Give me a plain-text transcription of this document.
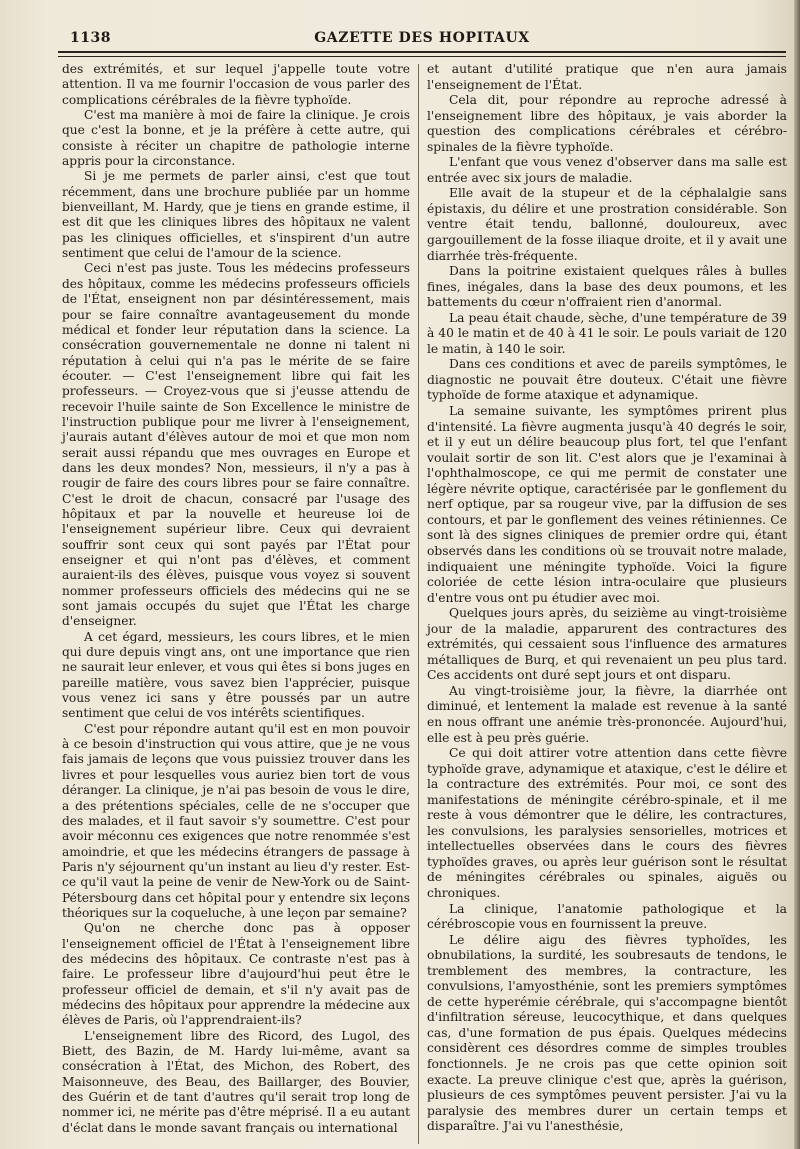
1138	GAZETTE DES HOPITAUX

des extrémités, et sur lequel j'appelle toute votre attention. Il va me fournir l'occasion de vous parler des complications cérébrales de la fièvre typhoïde.

C'est ma manière à moi de faire la clinique. Je crois que c'est la bonne, et je la préfère à cette autre, qui consiste à réciter un chapitre de pathologie interne appris pour la circonstance.

Si je me permets de parler ainsi, c'est que tout récemment, dans une brochure publiée par un homme bienveillant, M. Hardy, que je tiens en grande estime, il est dit que les cliniques libres des hôpitaux ne valent pas les cliniques officielles, et s'inspirent d'un autre sentiment que celui de l'amour de la science.

Ceci n'est pas juste. Tous les médecins professeurs des hôpitaux, comme les médecins professeurs officiels de l'État, enseignent non par désintéressement, mais pour se faire connaître avantageusement du monde médical et fonder leur réputation dans la science. La consécration gouvernementale ne donne ni talent ni réputation à celui qui n'a pas le mérite de se faire écouter. — C'est l'enseignement libre qui fait les professeurs. — Croyez-vous que si j'eusse attendu de recevoir l'huile sainte de Son Excellence le ministre de l'instruction publique pour me livrer à l'enseignement, j'aurais autant d'élèves autour de moi et que mon nom serait aussi répandu que mes ouvrages en Europe et dans les deux mondes? Non, messieurs, il n'y a pas à rougir de faire des cours libres pour se faire connaître. C'est le droit de chacun, consacré par l'usage des hôpitaux et par la nouvelle et heureuse loi de l'enseignement supérieur libre. Ceux qui devraient souffrir sont ceux qui sont payés par l'État pour enseigner et qui n'ont pas d'élèves, et comment auraient-ils des élèves, puisque vous voyez si souvent nommer professeurs officiels des médecins qui ne se sont jamais occupés du sujet que l'État les charge d'enseigner.

A cet égard, messieurs, les cours libres, et le mien qui dure depuis vingt ans, ont une importance que rien ne saurait leur enlever, et vous qui êtes si bons juges en pareille matière, vous savez bien l'apprécier, puisque vous venez ici sans y être poussés par un autre sentiment que celui de vos intérêts scientifiques.

C'est pour répondre autant qu'il est en mon pouvoir à ce besoin d'instruction qui vous attire, que je ne vous fais jamais de leçons que vous puissiez trouver dans les livres et pour lesquelles vous auriez bien tort de vous déranger. La clinique, je n'ai pas besoin de vous le dire, a des prétentions spéciales, celle de ne s'occuper que des malades, et il faut savoir s'y soumettre. C'est pour avoir méconnu ces exigences que notre renommée s'est amoindrie, et que les médecins étrangers de passage à Paris n'y séjournent qu'un instant au lieu d'y rester. Est-ce qu'il vaut la peine de venir de New-York ou de Saint-Pétersbourg dans cet hôpital pour y entendre six leçons théoriques sur la coqueluche, à une leçon par semaine?

Qu'on ne cherche donc pas à opposer l'enseignement officiel de l'État à l'enseignement libre des médecins des hôpitaux. Ce contraste n'est pas à faire. Le professeur libre d'aujourd'hui peut être le professeur officiel de demain, et s'il n'y avait pas de médecins des hôpitaux pour apprendre la médecine aux élèves de Paris, où l'apprendraient-ils?

L'enseignement libre des Ricord, des Lugol, des Biett, des Bazin, de M. Hardy lui-même, avant sa consécration à l'État, des Michon, des Robert, des Maisonneuve, des Beau, des Baillarger, des Bouvier, des Guérin et de tant d'autres qu'il serait trop long de nommer ici, ne mérite pas d'être méprisé. Il a eu autant d'éclat dans le monde savant français ou international

et autant d'utilité pratique que n'en aura jamais l'enseignement de l'État.

Cela dit, pour répondre au reproche adressé à l'enseignement libre des hôpitaux, je vais aborder la question des complications cérébrales et cérébro-spinales de la fièvre typhoïde.

L'enfant que vous venez d'observer dans ma salle est entrée avec six jours de maladie.

Elle avait de la stupeur et de la céphalalgie sans épistaxis, du délire et une prostration considérable. Son ventre était tendu, ballonné, douloureux, avec gargouillement de la fosse iliaque droite, et il y avait une diarrhée très-fréquente.

Dans la poitrine existaient quelques râles à bulles fines, inégales, dans la base des deux poumons, et les battements du cœur n'offraient rien d'anormal.

La peau était chaude, sèche, d'une température de 39 à 40 le matin et de 40 à 41 le soir. Le pouls variait de 120 le matin, à 140 le soir.

Dans ces conditions et avec de pareils symptômes, le diagnostic ne pouvait être douteux. C'était une fièvre typhoïde de forme ataxique et adynamique.

La semaine suivante, les symptômes prirent plus d'intensité. La fièvre augmenta jusqu'à 40 degrés le soir, et il y eut un délire beaucoup plus fort, tel que l'enfant voulait sortir de son lit. C'est alors que je l'examinai à l'ophthalmoscope, ce qui me permit de constater une légère névrite optique, caractérisée par le gonflement du nerf optique, par sa rougeur vive, par la diffusion de ses contours, et par le gonflement des veines rétiniennes. Ce sont là des signes cliniques de premier ordre qui, étant observés dans les conditions où se trouvait notre malade, indiquaient une méningite typhoïde. Voici la figure coloriée de cette lésion intra-oculaire que plusieurs d'entre vous ont pu étudier avec moi.

Quelques jours après, du seizième au vingt-troisième jour de la maladie, apparurent des contractures des extrémités, qui cessaient sous l'influence des armatures métalliques de Burq, et qui revenaient un peu plus tard. Ces accidents ont duré sept jours et ont disparu.

Au vingt-troisième jour, la fièvre, la diarrhée ont diminué, et lentement la malade est revenue à la santé en nous offrant une anémie très-prononcée. Aujourd'hui, elle est à peu près guérie.

Ce qui doit attirer votre attention dans cette fièvre typhoïde grave, adynamique et ataxique, c'est le délire et la contracture des extrémités. Pour moi, ce sont des manifestations de méningite cérébro-spinale, et il me reste à vous démontrer que le délire, les contractures, les convulsions, les paralysies sensorielles, motrices et intellectuelles observées dans le cours des fièvres typhoïdes graves, ou après leur guérison sont le résultat de méningites cérébrales ou spinales, aiguës ou chroniques.

La clinique, l'anatomie pathologique et la cérébroscopie vous en fournissent la preuve.

Le délire aigu des fièvres typhoïdes, les obnubilations, la surdité, les soubresauts de tendons, le tremblement des membres, la contracture, les convulsions, l'amyosthénie, sont les premiers symptômes de cette hyperémie cérébrale, qui s'accompagne bientôt d'infiltration séreuse, leucocythique, et dans quelques cas, d'une formation de pus épais. Quelques médecins considèrent ces désordres comme de simples troubles fonctionnels. Je ne crois pas que cette opinion soit exacte. La preuve clinique c'est que, après la guérison, plusieurs de ces symptômes peuvent persister. J'ai vu la paralysie des membres durer un certain temps et disparaître. J'ai vu l'anesthésie,
